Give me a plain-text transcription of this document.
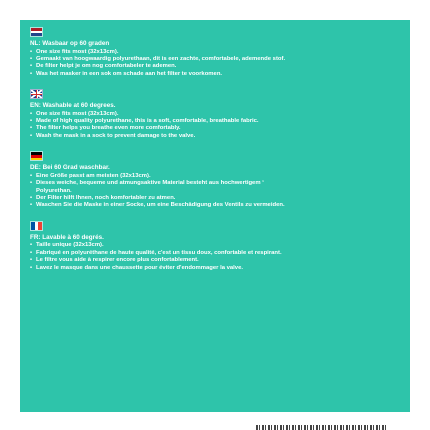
NL: Wasbaar op 60 graden

• One size fits most (32x13cm).
• Gemaakt van hoogwaardig polyurethaan, dit is een zachte, comfortabele, ademende stof.
• De filter helpt je om nog comfortabeler te ademen.
• Was het masker in een sok om schade aan het filter te voorkomen.

EN: Washable at 60 degrees.

• One size fits most (32x13cm).
• Made of high quality polyurethane, this is a soft, comfortable, breathable fabric.
• The filter helps you breathe even more comfortably.
• Wash the mask in a sock to prevent damage to the valve.

DE: Bei 60 Grad waschbar.

• Eine Größe passt am meisten (32x13cm).
• Dieses weiche, bequeme und atmungsaktive Material besteht aus hochwertigem ‘
Polyurethan.
• Der Filter hilft Ihnen, noch komfortabler zu atmen.
• Waschen Sie die Maske in einer Socke, um eine Beschädigung des Ventils zu vermeiden.

FR: Lavable à 60 degrés.

• Taille unique (32x13cm).
• Fabriqué en polyuréthane de haute qualité, c'est un tissu doux, confortable et respirant.
• Le filtre vous aide à respirer encore plus confortablement.
• Lavez le masque dans une chaussette pour éviter d'endommager la valve.
